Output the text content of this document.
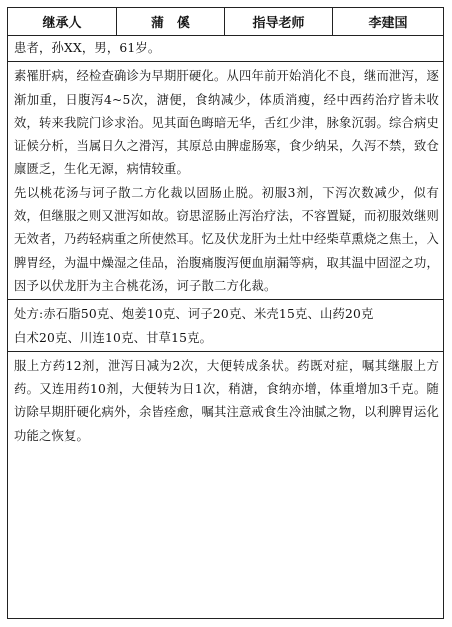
继承人	蒲　傒	指导老师	李建国

患者，孙XX，男，61岁。

素罹肝病，经检查确诊为早期肝硬化。从四年前开始消化不良，继而泄泻，逐渐加重，日腹泻4~5次，溏便，食纳减少，体质消瘦，经中西药治疗皆未收效，转来我院门诊求治。见其面色晦暗无华，舌红少津，脉象沉弱。综合病史证候分析，当属日久之滑泻，其原总由脾虚肠寒，食少纳呆，久泻不禁，致仓廪匮乏，生化无源，病情较重。

先以桃花汤与诃子散二方化裁以固肠止脱。初服3剂，下泻次数减少，似有效，但继服之则又泄泻如故。窃思涩肠止泻治疗法，不容置疑，而初服效继则无效者，乃药轻病重之所使然耳。忆及伏龙肝为土灶中经柴草熏烧之焦土，入脾胃经，为温中燥湿之佳品，治腹痛腹泻便血崩漏等病，取其温中固涩之功，因予以伏龙肝为主合桃花汤，诃子散二方化裁。

处方:赤石脂50克、炮姜10克、诃子20克、米壳15克、山药20克

白术20克、川连10克、甘草15克。

服上方药12剂，泄泻日减为2次，大便转成条状。药既对症，嘱其继服上方药。又连用药10剂，大便转为日1次，稍溏，食纳亦增，体重增加3千克。随访除早期肝硬化病外，余皆痊愈，嘱其注意戒食生冷油腻之物，以利脾胃运化功能之恢复。
